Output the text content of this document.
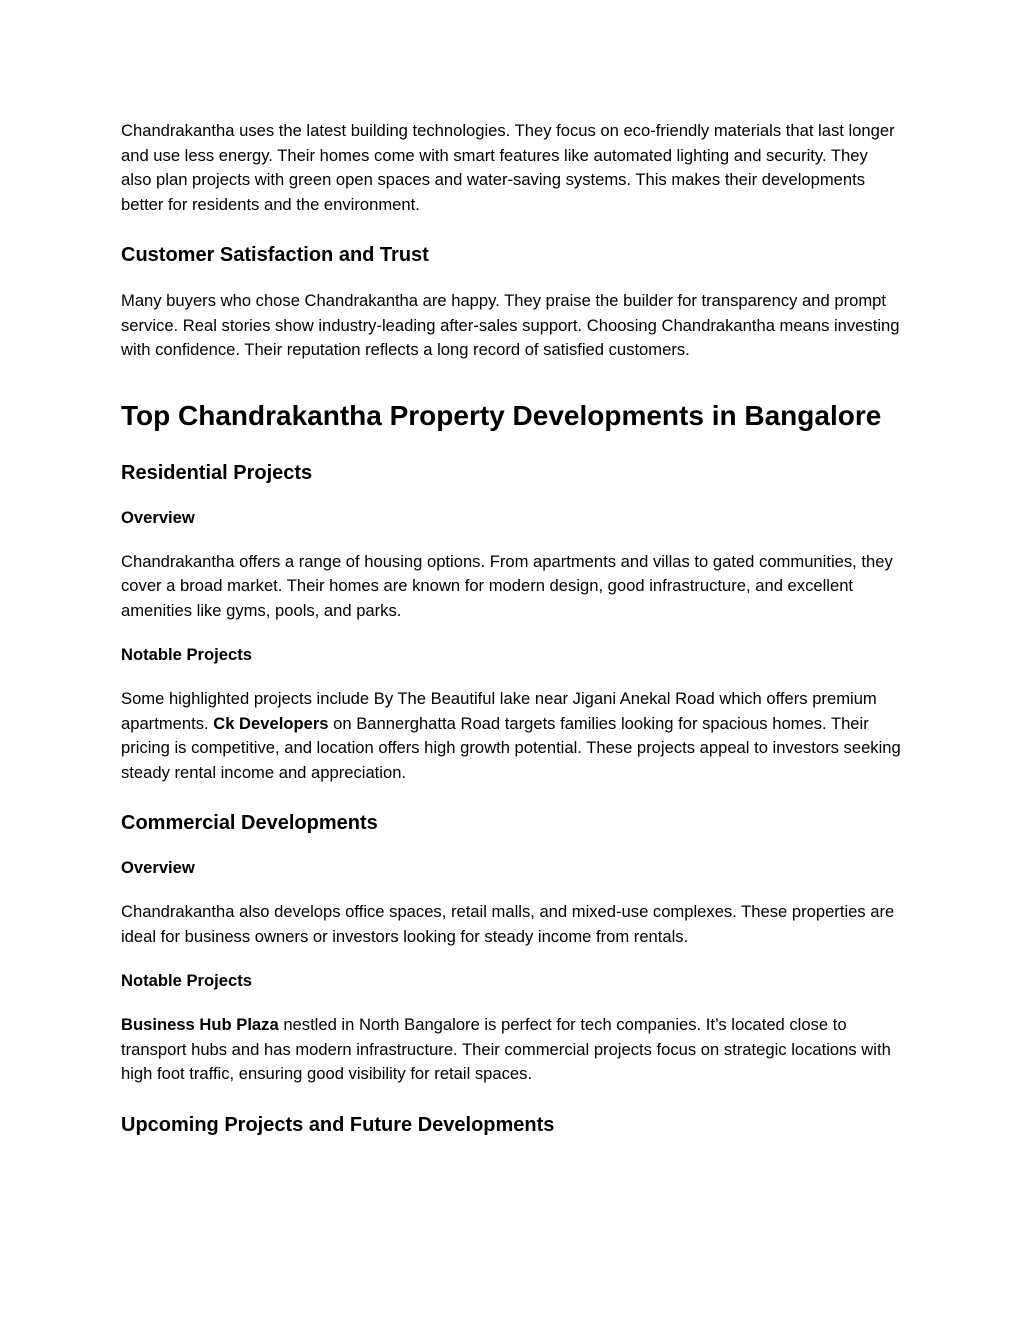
Chandrakantha uses the latest building technologies. They focus on eco-friendly materials that last longer and use less energy. Their homes come with smart features like automated lighting and security. They also plan projects with green open spaces and water-saving systems. This makes their developments better for residents and the environment.

Customer Satisfaction and Trust

Many buyers who chose Chandrakantha are happy. They praise the builder for transparency and prompt service. Real stories show industry-leading after-sales support. Choosing Chandrakantha means investing with confidence. Their reputation reflects a long record of satisfied customers.

Top Chandrakantha Property Developments in Bangalore
Residential Projects
Overview

Chandrakantha offers a range of housing options. From apartments and villas to gated communities, they cover a broad market. Their homes are known for modern design, good infrastructure, and excellent amenities like gyms, pools, and parks.

Notable Projects

Some highlighted projects include By The Beautiful lake near Jigani Anekal Road which offers premium apartments. Ck Developers on Bannerghatta Road targets families looking for spacious homes. Their pricing is competitive, and location offers high growth potential. These projects appeal to investors seeking steady rental income and appreciation.

Commercial Developments
Overview

Chandrakantha also develops office spaces, retail malls, and mixed-use complexes. These properties are ideal for business owners or investors looking for steady income from rentals.

Notable Projects

Business Hub Plaza nestled in North Bangalore is perfect for tech companies. It’s located close to transport hubs and has modern infrastructure. Their commercial projects focus on strategic locations with high foot traffic, ensuring good visibility for retail spaces.

Upcoming Projects and Future Developments
